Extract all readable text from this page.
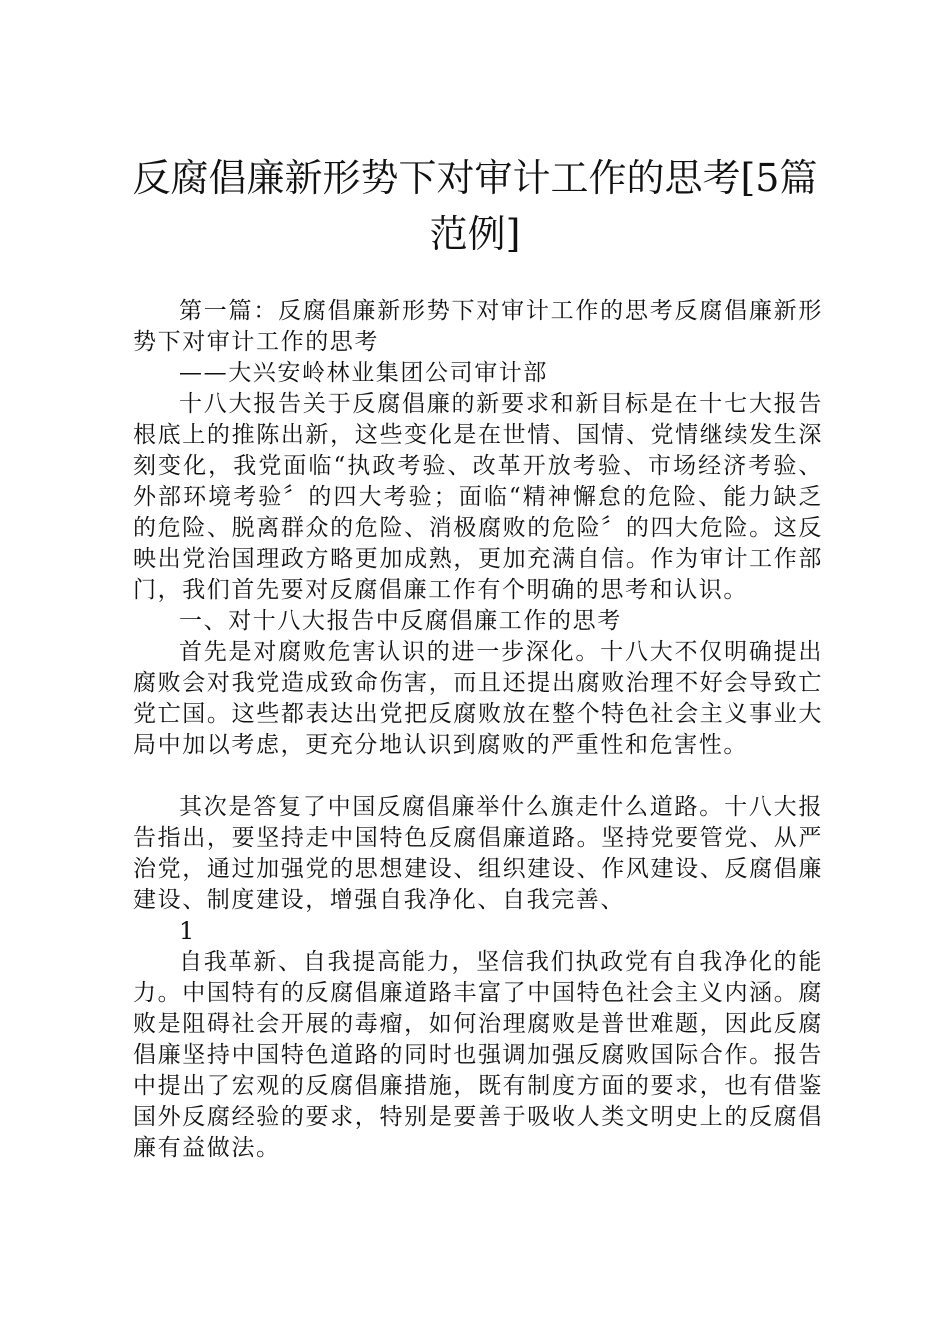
反腐倡廉新形势下对审计工作的思考[5篇范例]

第一篇：反腐倡廉新形势下对审计工作的思考反腐倡廉新形势下对审计工作的思考

——大兴安岭林业集团公司审计部

十八大报告关于反腐倡廉的新要求和新目标是在十七大报告根底上的推陈出新，这些变化是在世情、国情、党情继续发生深刻变化，我党面临“执政考验、改革开放考验、市场经济考验、外部环境考验〞的四大考验；面临“精神懈怠的危险、能力缺乏的危险、脱离群众的危险、消极腐败的危险〞的四大危险。这反映出党治国理政方略更加成熟，更加充满自信。作为审计工作部门，我们首先要对反腐倡廉工作有个明确的思考和认识。

一、对十八大报告中反腐倡廉工作的思考

首先是对腐败危害认识的进一步深化。十八大不仅明确提出腐败会对我党造成致命伤害，而且还提出腐败治理不好会导致亡党亡国。这些都表达出党把反腐败放在整个特色社会主义事业大局中加以考虑，更充分地认识到腐败的严重性和危害性。

其次是答复了中国反腐倡廉举什么旗走什么道路。十八大报告指出，要坚持走中国特色反腐倡廉道路。坚持党要管党、从严治党，通过加强党的思想建设、组织建设、作风建设、反腐倡廉建设、制度建设，增强自我净化、自我完善、

1

自我革新、自我提高能力，坚信我们执政党有自我净化的能力。中国特有的反腐倡廉道路丰富了中国特色社会主义内涵。腐败是阻碍社会开展的毒瘤，如何治理腐败是普世难题，因此反腐倡廉坚持中国特色道路的同时也强调加强反腐败国际合作。报告中提出了宏观的反腐倡廉措施，既有制度方面的要求，也有借鉴国外反腐经验的要求，特别是要善于吸收人类文明史上的反腐倡廉有益做法。
